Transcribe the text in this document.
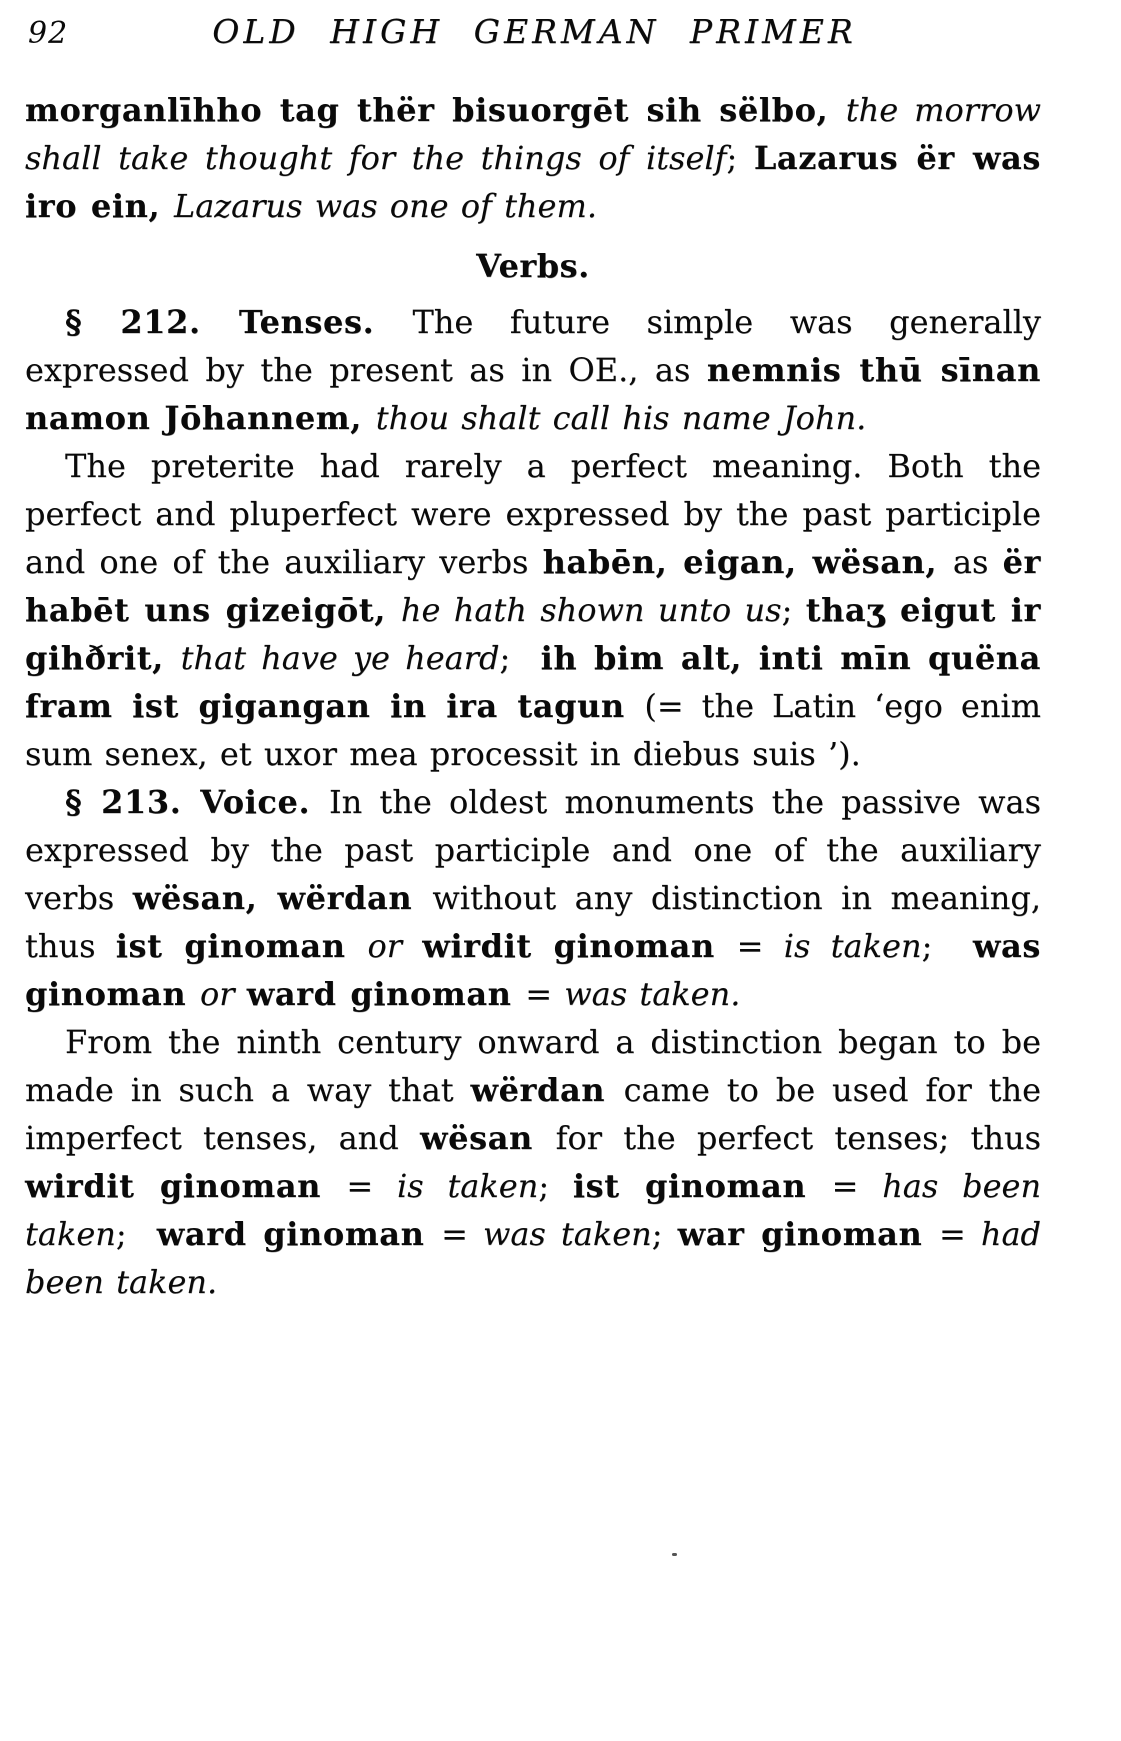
92	OLD HIGH GERMAN PRIMER

morganlīhho tag thër bisuorgēt sih sëlbo, the morrow shall take thought for the things of itself; Lazarus ër was iro ein, Lazarus was one of them.

Verbs.

§ 212. Tenses. The future simple was generally expressed by the present as in OE., as nemnis thū sīnan namon Jōhannem, thou shalt call his name John.

The preterite had rarely a perfect meaning. Both the perfect and pluperfect were expressed by the past participle and one of the auxiliary verbs habēn, eigan, wësan, as ër habēt uns gizeigōt, he hath shown unto us; thaʒ eigut ir gihðrit, that have ye heard;  ih bim alt, inti mīn quëna fram ist gigangan in ira tagun (= the Latin ‘ego enim sum senex, et uxor mea processit in diebus suis ’).

§ 213. Voice. In the oldest monuments the passive was expressed by the past participle and one of the auxiliary verbs wësan, wërdan without any distinction in meaning, thus ist ginoman or wirdit ginoman = is taken;  was ginoman or ward ginoman = was taken.

From the ninth century onward a distinction began to be made in such a way that wërdan came to be used for the imperfect tenses, and wësan for the perfect tenses; thus wirdit ginoman = is taken; ist ginoman = has been taken;  ward ginoman = was taken; war ginoman = had been taken.
